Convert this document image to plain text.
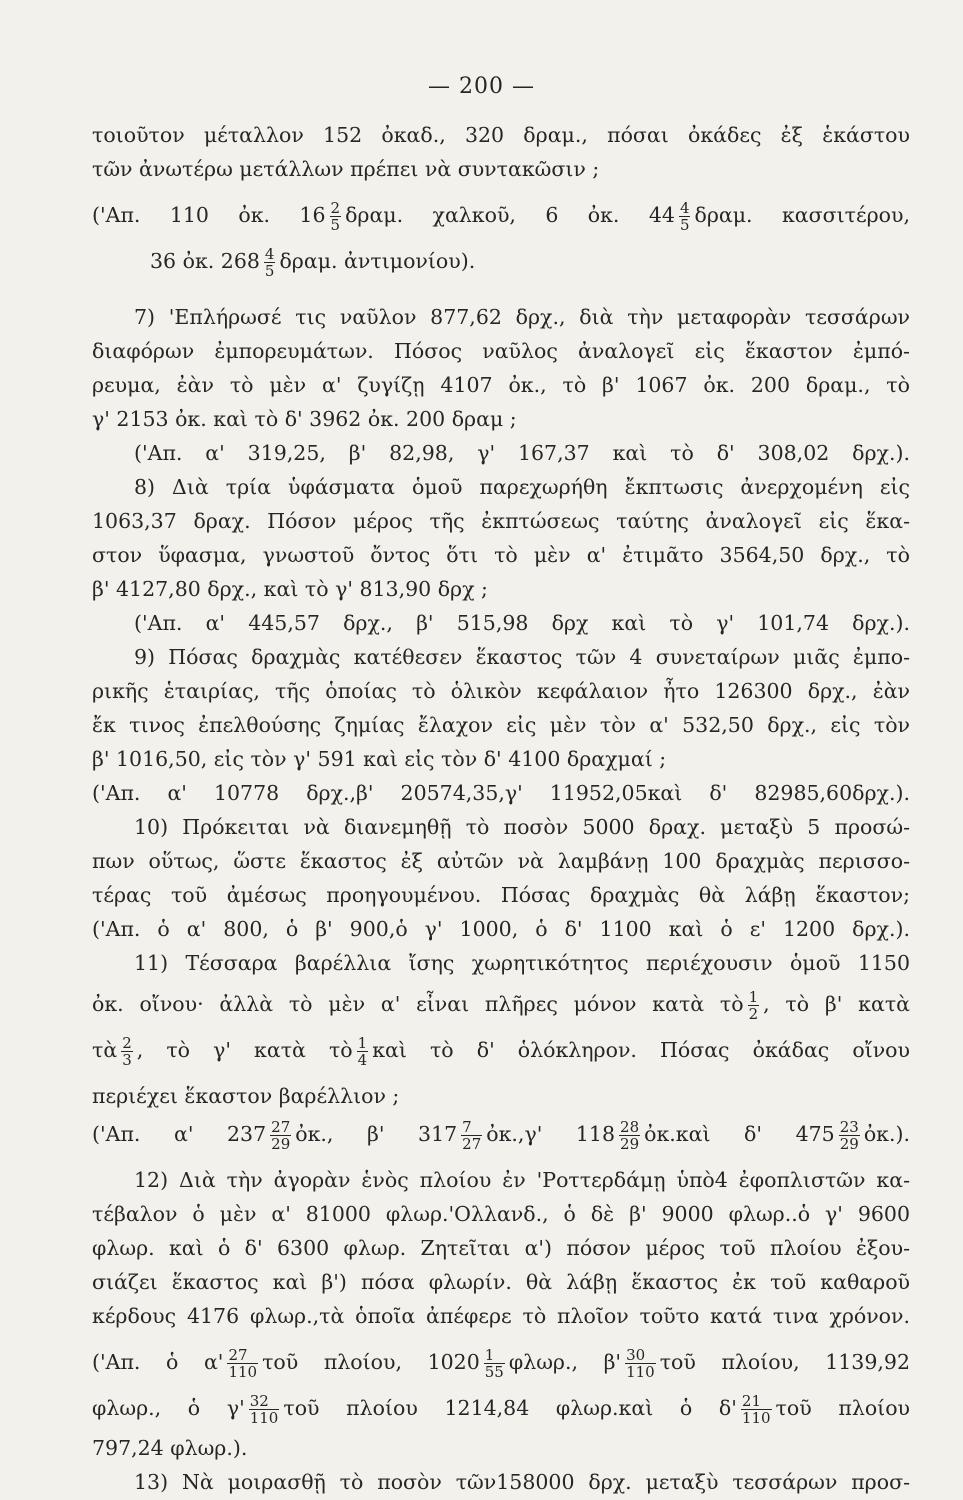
— 200 —
τοιοῦτον μέταλλον 152 ὀκαδ., 320 δραμ., πόσαι ὀκάδες ἐξ ἑκάστου
τῶν ἀνωτέρω μετάλλων πρέπει νὰ συντακῶσιν ;
('Απ. 110 ὀκ. $16 \frac{2}{5} \delta\rho\alpha\mu$. χαλκοῦ, 6 ὀκ. $44 \frac{4}{5} \delta\rho\alpha\mu$. κασσιτέρου,
36 ὀκ. $268 \frac{4}{5} \delta\rho\alpha\mu$. ἀντιμονίου).
7) 'Επλήρωσέ τις ναῦλον 877,62 δρχ., διὰ τὴν μεταφορὰν τεσσάρων
διαφόρων ἐμπορευμάτων. Πόσος ναῦλος ἀναλογεῖ εἰς ἕκαστον ἐμπό-
ρευμα, ἐὰν τὸ μὲν α' ζυγίζῃ 4107 ὀκ., τὸ β' 1067 ὀκ. 200 δραμ., τὸ
γ' 2153 ὀκ. καὶ τὸ δ' 3962 ὀκ. 200 δραμ ;
('Απ. α' 319,25, β' 82,98, γ' 167,37 καὶ τὸ δ' 308,02 δρχ.).
8) Διὰ τρία ὑφάσματα ὁμοῦ παρεχωρήθη ἔκπτωσις ἀνερχομένη εἰς
1063,37 δραχ. Πόσον μέρος τῆς ἐκπτώσεως ταύτης ἀναλογεῖ εἰς ἕκα-
στον ὕφασμα, γνωστοῦ ὄντος ὅτι τὸ μὲν α' ἐτιμᾶτο 3564,50 δρχ., τὸ
β' 4127,80 δρχ., καὶ τὸ γ' 813,90 δρχ ;
('Απ. α' 445,57 δρχ., β' 515,98 δρχ καὶ τὸ γ' 101,74 δρχ.).
9) Πόσας δραχμὰς κατέθεσεν ἕκαστος τῶν 4 συνεταίρων μιᾶς ἐμπο-
ρικῆς ἑταιρίας, τῆς ὁποίας τὸ ὁλικὸν κεφάλαιον ἦτο 126300 δρχ., ἐὰν
ἔκ τινος ἐπελθούσης ζημίας ἔλαχον εἰς μὲν τὸν α' 532,50 δρχ., εἰς τὸν
β' 1016,50, εἰς τὸν γ' 591 καὶ εἰς τὸν δ' 4100 δραχμαί ;
('Απ. α' 10778 δρχ.,β' 20574,35,γ' 11952,05καὶ δ' 82985,60δρχ.).
10) Πρόκειται νὰ διανεμηθῇ τὸ ποσὸν 5000 δραχ. μεταξὺ 5 προσώ-
πων οὕτως, ὥστε ἕκαστος ἐξ αὐτῶν νὰ λαμβάνῃ 100 δραχμὰς περισσο-
τέρας τοῦ ἀμέσως προηγουμένου. Πόσας δραχμὰς θὰ λάβῃ ἕκαστον;
('Απ. ὁ α' 800, ὁ β' 900,ὁ γ' 1000, ὁ δ' 1100 καὶ ὁ ε' 1200 δρχ.).
11) Τέσσαρα βαρέλλια ἴσης χωρητικότητος περιέχουσιν ὁμοῦ 1150
ὀκ. οἴνου· ἀλλὰ τὸ μὲν α' εἶναι πλῆρες μόνον κατὰ τὸ $\frac{1}{2}$ , τὸ β' κατὰ
τὰ $\frac{2}{3}$ , τὸ γ' κατὰ τὸ $\frac{1}{4}$ καὶ τὸ δ' ὁλόκληρον. Πόσας ὀκάδας οἴνου
περιέχει ἕκαστον βαρέλλιον ;
('Απ. α' $237 \frac{27}{29}$ ὀκ., β' $317 \frac{7}{27}$ ὀκ.,γ' $118 \frac{28}{29}$ ὀκ.καὶ δ' $475 \frac{23}{29}$ ὀκ.).
12) Διὰ τὴν ἀγορὰν ἑνὸς πλοίου ἐν 'Ροττερδάμῃ ὑπὸ4 ἐφοπλιστῶν κα-
τέβαλον ὁ μὲν α' 81000 φλωρ.'Ολλανδ., ὁ δὲ β' 9000 φλωρ..ὁ γ' 9600
φλωρ. καὶ ὁ δ' 6300 φλωρ. Ζητεῖται α') πόσον μέρος τοῦ πλοίου ἐξου-
σιάζει ἕκαστος καὶ β') πόσα φλωρίν. θὰ λάβῃ ἕκαστος ἐκ τοῦ καθαροῦ
κέρδους 4176 φλωρ.,τὰ ὁποῖα ἀπέφερε τὸ πλοῖον τοῦτο κατά τινα χρόνον.
('Απ. ὁ $\alpha' \frac{27}{110}$ τοῦ πλοίου, $1020 \frac{1}{55} \varphi\lambda\omega\rho$., $\beta' \frac{30}{110}$ τοῦ πλοίου, 1139,92
φλωρ., ὁ $\gamma' \frac{32}{110}$ τοῦ πλοίου 1214,84 φλωρ.καὶ ὁ $\delta' \frac{21}{110}$ τοῦ πλοίου
797,24 φλωρ.).
13) Νὰ μοιρασθῇ τὸ ποσὸν τῶν158000 δρχ. μεταξὺ τεσσάρων προσ-
